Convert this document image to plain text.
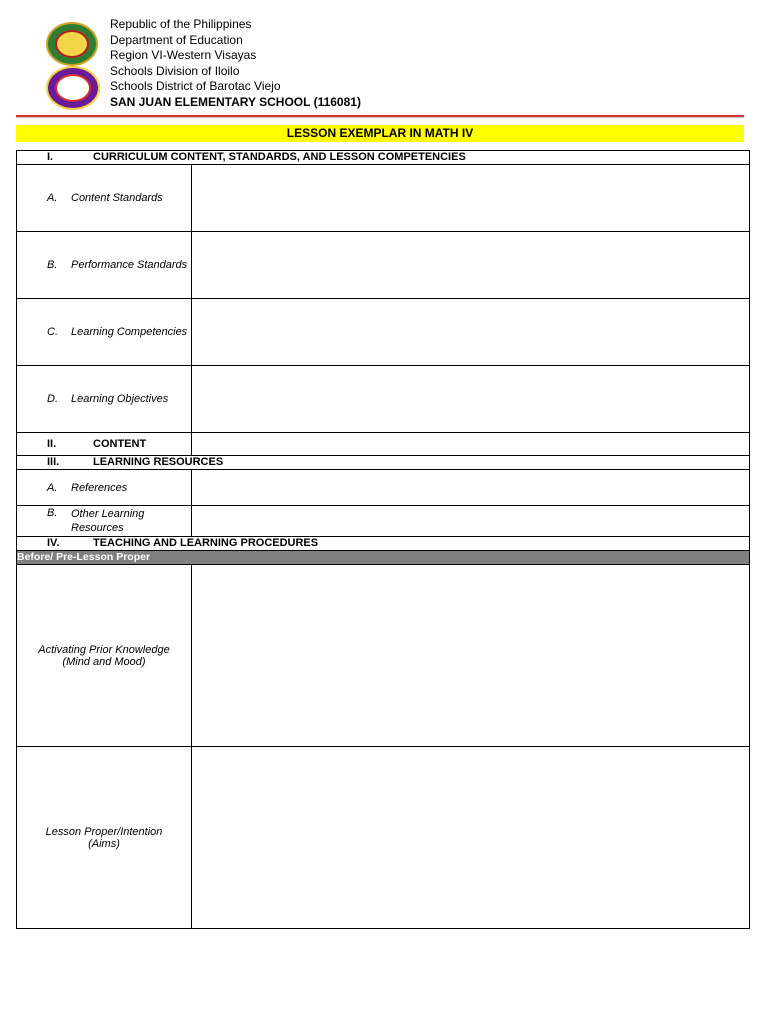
Republic of the Philippines
Department of Education
Region VI-Western Visayas
Schools Division of Iloilo
Schools District of Barotac Viejo
SAN JUAN ELEMENTARY SCHOOL (116081)
LESSON EXEMPLAR IN MATH IV
I. CURRICULUM CONTENT, STANDARDS, AND LESSON COMPETENCIES	
A. Content Standards	
B. Performance Standards	
C. Learning Competencies	
D. Learning Objectives	
II. CONTENT	
III. LEARNING RESOURCES	
A. References	
B. Other Learning Resources	
IV. TEACHING AND LEARNING PROCEDURES	
Before/ Pre-Lesson Proper	

Activating Prior Knowledge
(Mind and Mood)	

Lesson Proper/Intention
(Aims)	
